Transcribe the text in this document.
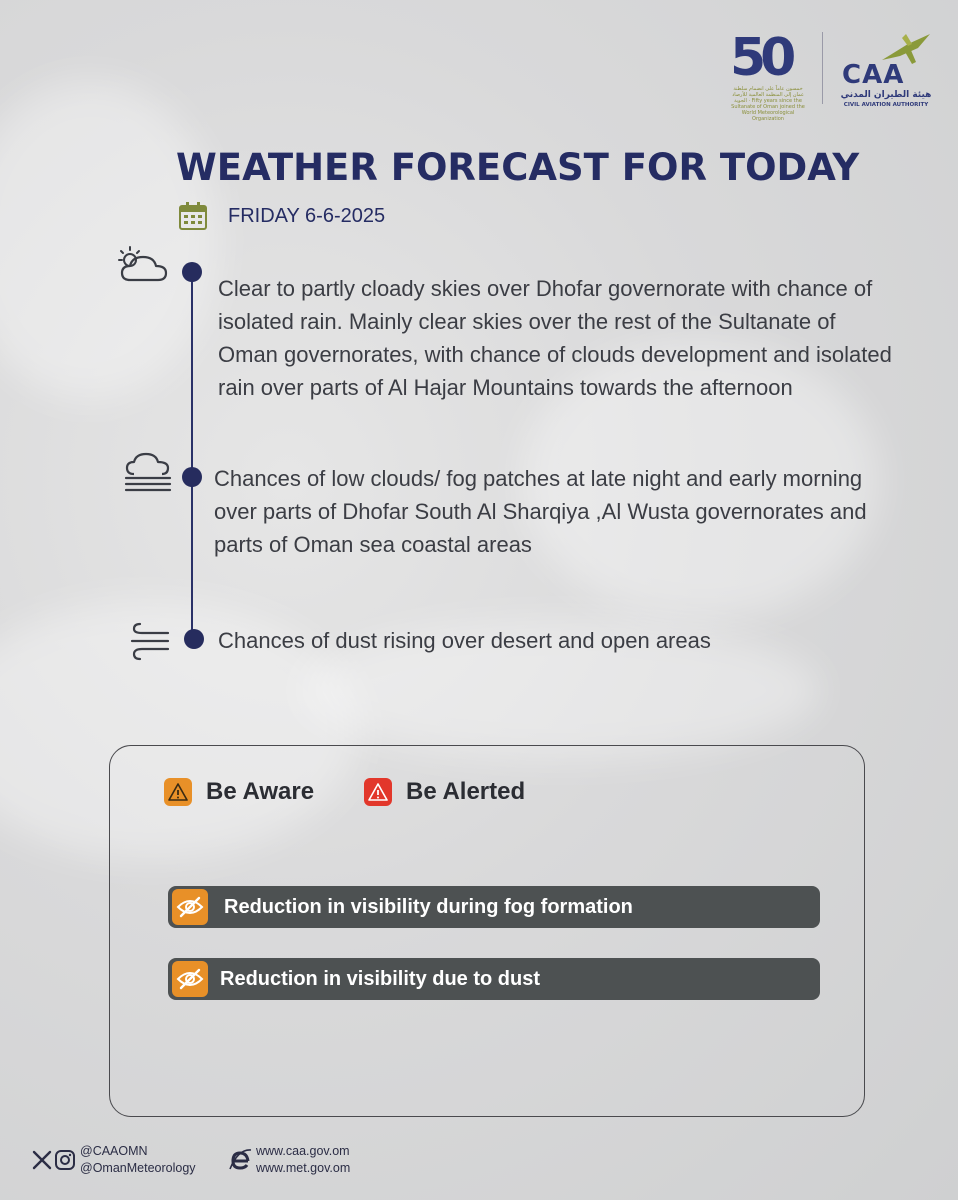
50
خمسون عاماً على انضمام سلطنة عمان إلى المنظمة العالمية للأرصاد الجوية · Fifty years since the Sultanate of Oman joined the World Meteorological Organization
CAA
هيئة الطيران المدني
CIVIL AVIATION AUTHORITY
WEATHER FORECAST FOR TODAY
FRIDAY 6-6-2025
Clear to partly cloady skies over Dhofar governorate with chance of isolated rain. Mainly clear skies over the rest of the Sultanate of Oman governorates, with chance of clouds development and isolated rain over parts of Al Hajar Mountains towards the afternoon
Chances of low clouds/ fog patches at late night and early morning over parts of Dhofar South Al Sharqiya ,Al Wusta governorates and parts of Oman sea coastal areas
Chances of dust rising over desert and open areas
Be Aware	Be Alerted
Reduction in visibility during fog formation
Reduction in visibility due to dust
@CAAOMN
@OmanMeteorology
www.caa.gov.om
www.met.gov.om
